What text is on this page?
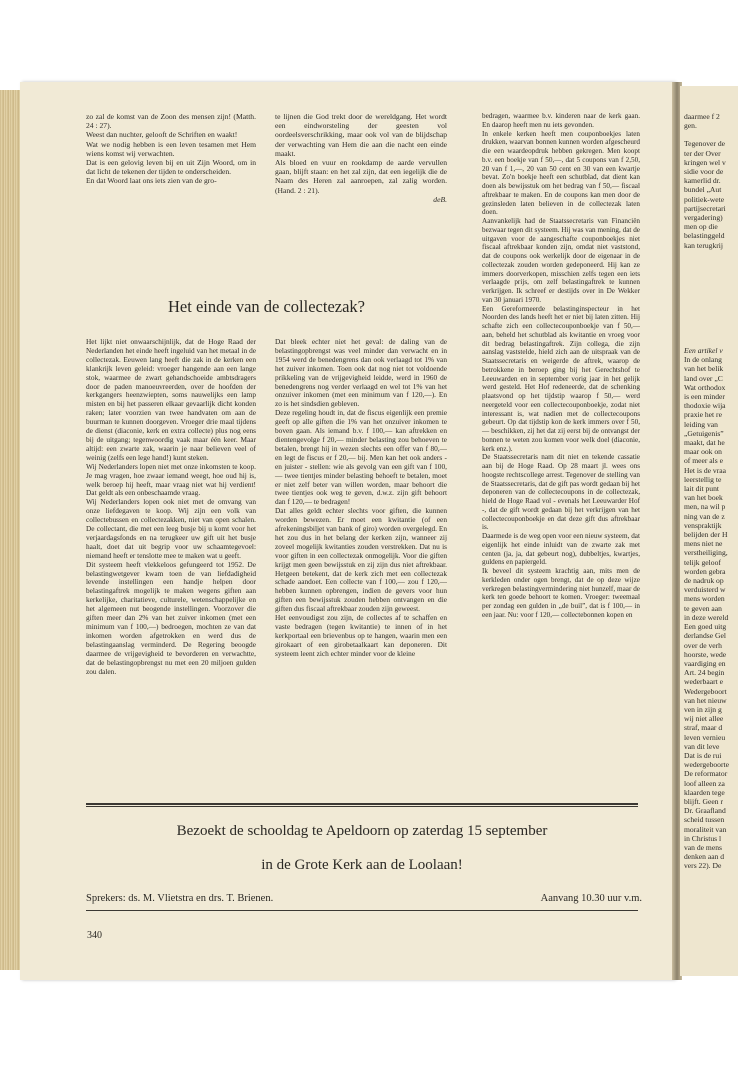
daarmee f 2
gen.
Tegenover de
ter der Over
kringen wel v
sidie voor de
kamerlid dr.
bundel „Aut
politiek-wete
partijsecretari
vergadering)
men op die
belastinggeld
kan terugkrij
Een artikel v
In de onlang
van het belik
land over „C
Wat orthodox
is een minder
thodoxie wija
praxie het re
leiding van
„Getuigenis”
maakt, dat he
maar ook on
of meer als e
Het is de vraa
leerstellig te
lait dit punt
van het boek
men, na wil p
ning van de z
venspraktijk
belijden der H
mens niet ne
verstheiliging,
telijk geloof
worden gebra
de nadruk op
verduisterd w
mens worden
te geven aan
in deze wereld
Een goed uitg
derlandse Gel
over de verh
hoorste, wede
vaardiging en
Art. 24 begin
wederbaart e
Wedergeboort
van het nieuw
ven in zijn g
wij niet allee
straf, maar d
leven vernieu
van dit leve
Dat is de rui
wedergeboorte
De reformator
loof alleen za
klaarden tege
blijft. Geen r
Dr. Graafland
scheid tussen
moraliteit van
in Christus l
van de mens
denken aan d
vers 22). De

zo zal de komst van de Zoon des mensen zijn! (Matth. 24 : 27).

Weest dan nuchter, gelooft de Schriften en waakt!

Wat we nodig hebben is een leven tesamen met Hem wiens komst wij verwachten.

Dat is een gelovig leven bij en uit Zijn Woord, om in dat licht de tekenen der tijden te onderscheiden.

En dat Woord laat ons iets zien van de gro-

te lijnen die God trekt door de wereldgang. Het wordt een eindworsteling der geesten vol oordeelsverschrikking, maar ook vol van de blijdschap der verwachting van Hem die aan die nacht een einde maakt.

Als bloed en vuur en rookdamp de aarde vervullen gaan, blijft staan: en het zal zijn, dat een iegelijk die de Naam des Heren zal aanroepen, zal zalig worden. (Hand. 2 : 21).

deB.

Het einde van de collectezak?

Het lijkt niet onwaarschijnlijk, dat de Hoge Raad der Nederlanden het einde heeft ingeluid van het metaal in de collectezak. Eeuwen lang heeft die zak in de kerken een klankrijk leven geleid: vroeger hangende aan een lange stok, waarmee de zwart gehandschoeide ambtsdragers door de paden manoeuvreerden, over de hoofden der kerkgangers heenzwiepten, soms nauwelijks een lamp misten en bij het passeren elkaar gevaarlijk dicht konden raken; later voorzien van twee handvaten om aan de buurman te kunnen doorgeven. Vroeger drie maal tijdens de dienst (diaconie, kerk en extra collecte) plus nog eens bij de uitgang; tegenwoordig vaak maar één keer. Maar altijd: een zwarte zak, waarin je naar believen veel of weinig (zelfs een lege hand!) kunt steken.

Wij Nederlanders lopen niet met onze inkomsten te koop. Je mag vragen, hoe zwaar iemand weegt, hoe oud hij is, welk beroep hij heeft, maar vraag niet wat hij verdient! Dat geldt als een onbeschaamde vraag.

Wij Nederlanders lopen ook niet met de omvang van onze liefdegaven te koop. Wij zijn een volk van collectebussen en collectezakken, niet van open schalen. De collectant, die met een leeg busje bij u komt voor het verjaardagsfonds en na terugkeer uw gift uit het busje haalt, doet dat uit begrip voor uw schaamtegevoel: niemand heeft er tenslotte mee te maken wat u geeft.

Dit systeem heeft vlekkeloos gefungeerd tot 1952. De belastingwetgever kwam toen de van liefdadigheid levende instellingen een handje helpen door belastingaftrek mogelijk te maken wegens giften aan kerkelijke, charitatieve, culturele, wetenschappelijke en het algemeen nut beogende instellingen. Voorzover die giften meer dan 2% van het zuiver inkomen (met een minimum van f 100,—) bedroegen, mochten ze van dat inkomen worden afgetrokken en werd dus de belastingaanslag verminderd. De Regering beoogde daarmee de vrijgevigheid te bevorderen en verwachtte, dat de belastingopbrengst nu met een 20 miljoen gulden zou dalen.

Dat bleek echter niet het geval: de daling van de belastingopbrengst was veel minder dan verwacht en in 1954 werd de benedengrens dan ook verlaagd tot 1% van het zuiver inkomen. Toen ook dat nog niet tot voldoende prikkeling van de vrijgevigheid leidde, werd in 1960 de benedengrens nog verder verlaagd en wel tot 1% van het onzuiver inkomen (met een minimum van f 120,—). En zo is het sindsdien gebleven.

Deze regeling houdt in, dat de fiscus eigenlijk een premie geeft op alle giften die 1% van het onzuiver inkomen te boven gaan. Als iemand b.v. f 100,— kan aftrekken en dientengevolge f 20,— minder belasting zou behoeven te betalen, brengt hij in wezen slechts een offer van f 80,— en legt de fiscus er f 20,— bij. Men kan het ook anders - en juister - stellen: wie als gevolg van een gift van f 100,— twee tientjes minder belasting behoeft te betalen, moet er niet zelf beter van willen worden, maar behoort die twee tientjes ook weg te geven, d.w.z. zijn gift behoort dan f 120,— te bedragen!

Dat alles geldt echter slechts voor giften, die kunnen worden bewezen. Er moet een kwitantie (of een afrekeningsbiljet van bank of giro) worden overgelegd. En het zou dus in het belang der kerken zijn, wanneer zij zoveel mogelijk kwitanties zouden verstrekken. Dat nu is voor giften in een collectezak onmogelijk. Voor die giften krijgt men geen bewijsstuk en zij zijn dus niet aftrekbaar. Hetgeen betekent, dat de kerk zich met een collectezak schade aandoet. Een collecte van f 100,— zou f 120,— hebben kunnen opbrengen, indien de gevers voor hun giften een bewijsstuk zouden hebben ontvangen en die giften dus fiscaal aftrekbaar zouden zijn geweest.

Het eenvoudigst zou zijn, de collectes af te schaffen en vaste bedragen (tegen kwitantie) te innen of in het kerkportaal een brievenbus op te hangen, waarin men een girokaart of een girobetaalkaart kan deponeren. Dit systeem leent zich echter minder voor de kleine

bedragen, waarmee b.v. kinderen naar de kerk gaan. En daarop heeft men nu iets gevonden.

In enkele kerken heeft men couponboekjes laten drukken, waarvan bonnen kunnen worden afgescheurd die een waardeopdruk hebben gekregen. Men koopt b.v. een boekje van f 50,—, dat 5 coupons van f 2,50, 20 van f 1,—, 20 van 50 cent en 30 van een kwartje bevat. Zo'n boekje heeft een schutblad, dat dient kan doen als bewijsstuk om het bedrag van f 50,— fiscaal aftrekbaar te maken. En de coupons kan men door de gezinsleden laten believen in de collectezak laten doen.

Aanvankelijk had de Staatssecretaris van Financiën bezwaar tegen dit systeem. Hij was van mening, dat de uitgaven voor de aangeschafte couponboekjes niet fiscaal aftrekbaar konden zijn, omdat niet vaststond, dat de coupons ook werkelijk door de eigenaar in de collectezak zouden worden gedeponeerd. Hij kan ze immers doorverkopen, misschien zelfs tegen een iets verlaagde prijs, om zelf belastingaftrek te kunnen verkrijgen. Ik schreef er destijds over in De Wekker van 30 januari 1970.

Een Gereformeerde belastinginspecteur in het Noorden des lands heeft het er niet bij laten zitten. Hij schafte zich een collectecouponboekje van f 50,— aan, beheld het schutblad als kwitantie en vroeg voor dit bedrag belastingaftrek. Zijn collega, die zijn aanslag vaststelde, hield zich aan de uitspraak van de Staatssecretaris en weigerde de aftrek, waarop de betrokkene in beroep ging bij het Gerechtshof te Leeuwarden en in september vorig jaar in het gelijk werd gesteld. Het Hof redeneerde, dat de schenking plaatsvond op het tijdstip waarop f 50,— werd neergeteld voor een collectecouponboekje, zodat niet interessant is, wat nadien met de collectecoupons gebeurt. Op dat tijdstip kon de kerk immers over f 50,— beschikken, zij het dat zij eerst bij de ontvangst der bonnen te weten zou komen voor welk doel (diaconie, kerk enz.).

De Staatssecretaris nam dit niet en tekende cassatie aan bij de Hoge Raad. Op 28 maart jl. wees ons hoogste rechtscollege arrest. Tegenover de stelling van de Staatssecretaris, dat de gift pas wordt gedaan bij het deponeren van de collectecoupons in de collectezak, hield de Hoge Raad vol - evenals het Leeuwarder Hof -, dat de gift wordt gedaan bij het verkrijgen van het collectecouponboekje en dat deze gift dus aftrekbaar is.

Daarmede is de weg open voor een nieuw systeem, dat eigenlijk het einde inluidt van de zwarte zak met centen (ja, ja, dat gebeurt nog), dubbeltjes, kwartjes, guldens en papiergeld.

Ik beveel dit systeem krachtig aan, mits men de kerkleden onder ogen brengt, dat de op deze wijze verkregen belastingvermindering niet hunzelf, maar de kerk ten goede behoort te komen. Vroeger: tweemaal per zondag een gulden in „de buil”, dat is f 100,— in een jaar. Nu: voor f 120,— collectebonnen kopen en

Bezoekt de schooldag te Apeldoorn op zaterdag 15 september
in de Grote Kerk aan de Loolaan!
Sprekers: ds. M. Vlietstra en drs. T. Brienen.	Aanvang 10.30 uur v.m.
340
